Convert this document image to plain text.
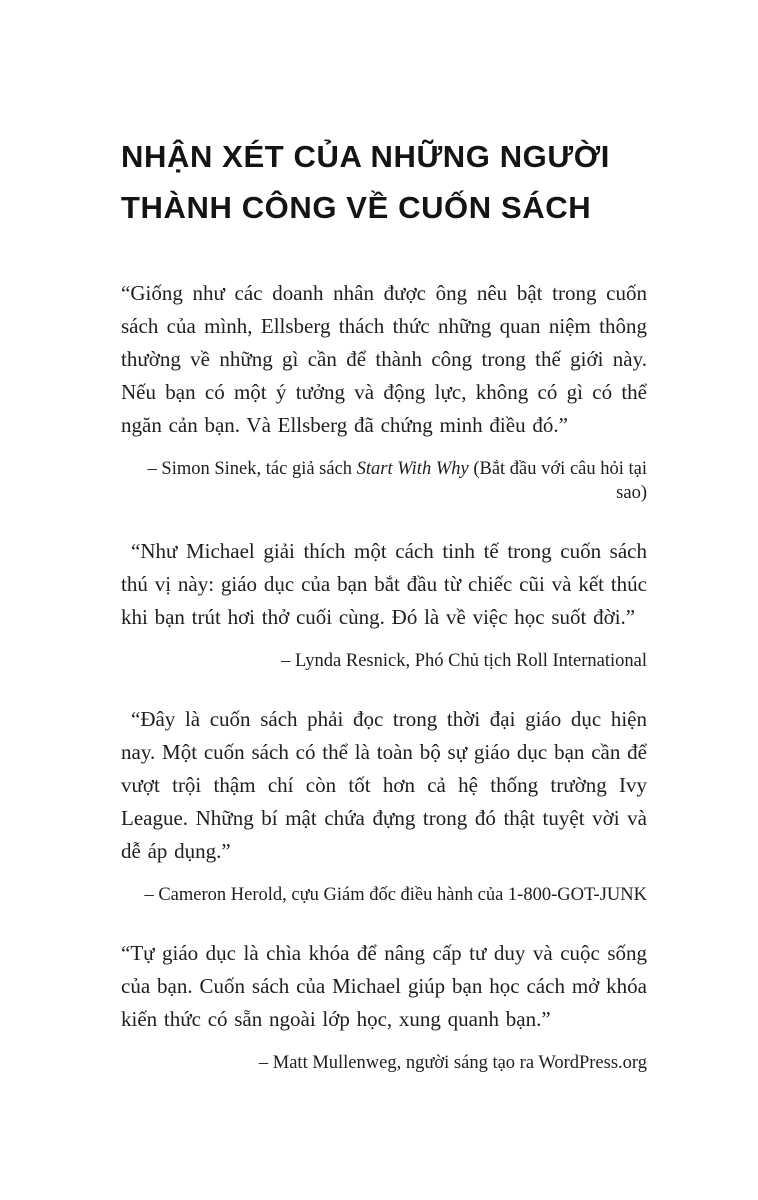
NHẬN XÉT CỦA NHỮNG NGƯỜI
THÀNH CÔNG VỀ CUỐN SÁCH

“Giống như các doanh nhân được ông nêu bật trong cuốn sách của mình, Ellsberg thách thức những quan niệm thông thường về những gì cần để thành công trong thế giới này. Nếu bạn có một ý tưởng và động lực, không có gì có thể ngăn cản bạn. Và Ellsberg đã chứng minh điều đó.”

– Simon Sinek, tác giả sách Start With Why (Bắt đầu với câu hỏi tại sao)

“Như Michael giải thích một cách tinh tế trong cuốn sách thú vị này: giáo dục của bạn bắt đầu từ chiếc cũi và kết thúc khi bạn trút hơi thở cuối cùng. Đó là về việc học suốt đời.”

– Lynda Resnick, Phó Chủ tịch Roll International

“Đây là cuốn sách phải đọc trong thời đại giáo dục hiện nay. Một cuốn sách có thể là toàn bộ sự giáo dục bạn cần để vượt trội thậm chí còn tốt hơn cả hệ thống trường Ivy League. Những bí mật chứa đựng trong đó thật tuyệt vời và dễ áp dụng.”

– Cameron Herold, cựu Giám đốc điều hành của 1-800-GOT-JUNK

“Tự giáo dục là chìa khóa để nâng cấp tư duy và cuộc sống của bạn. Cuốn sách của Michael giúp bạn học cách mở khóa kiến thức có sẵn ngoài lớp học, xung quanh bạn.”

– Matt Mullenweg, người sáng tạo ra WordPress.org
